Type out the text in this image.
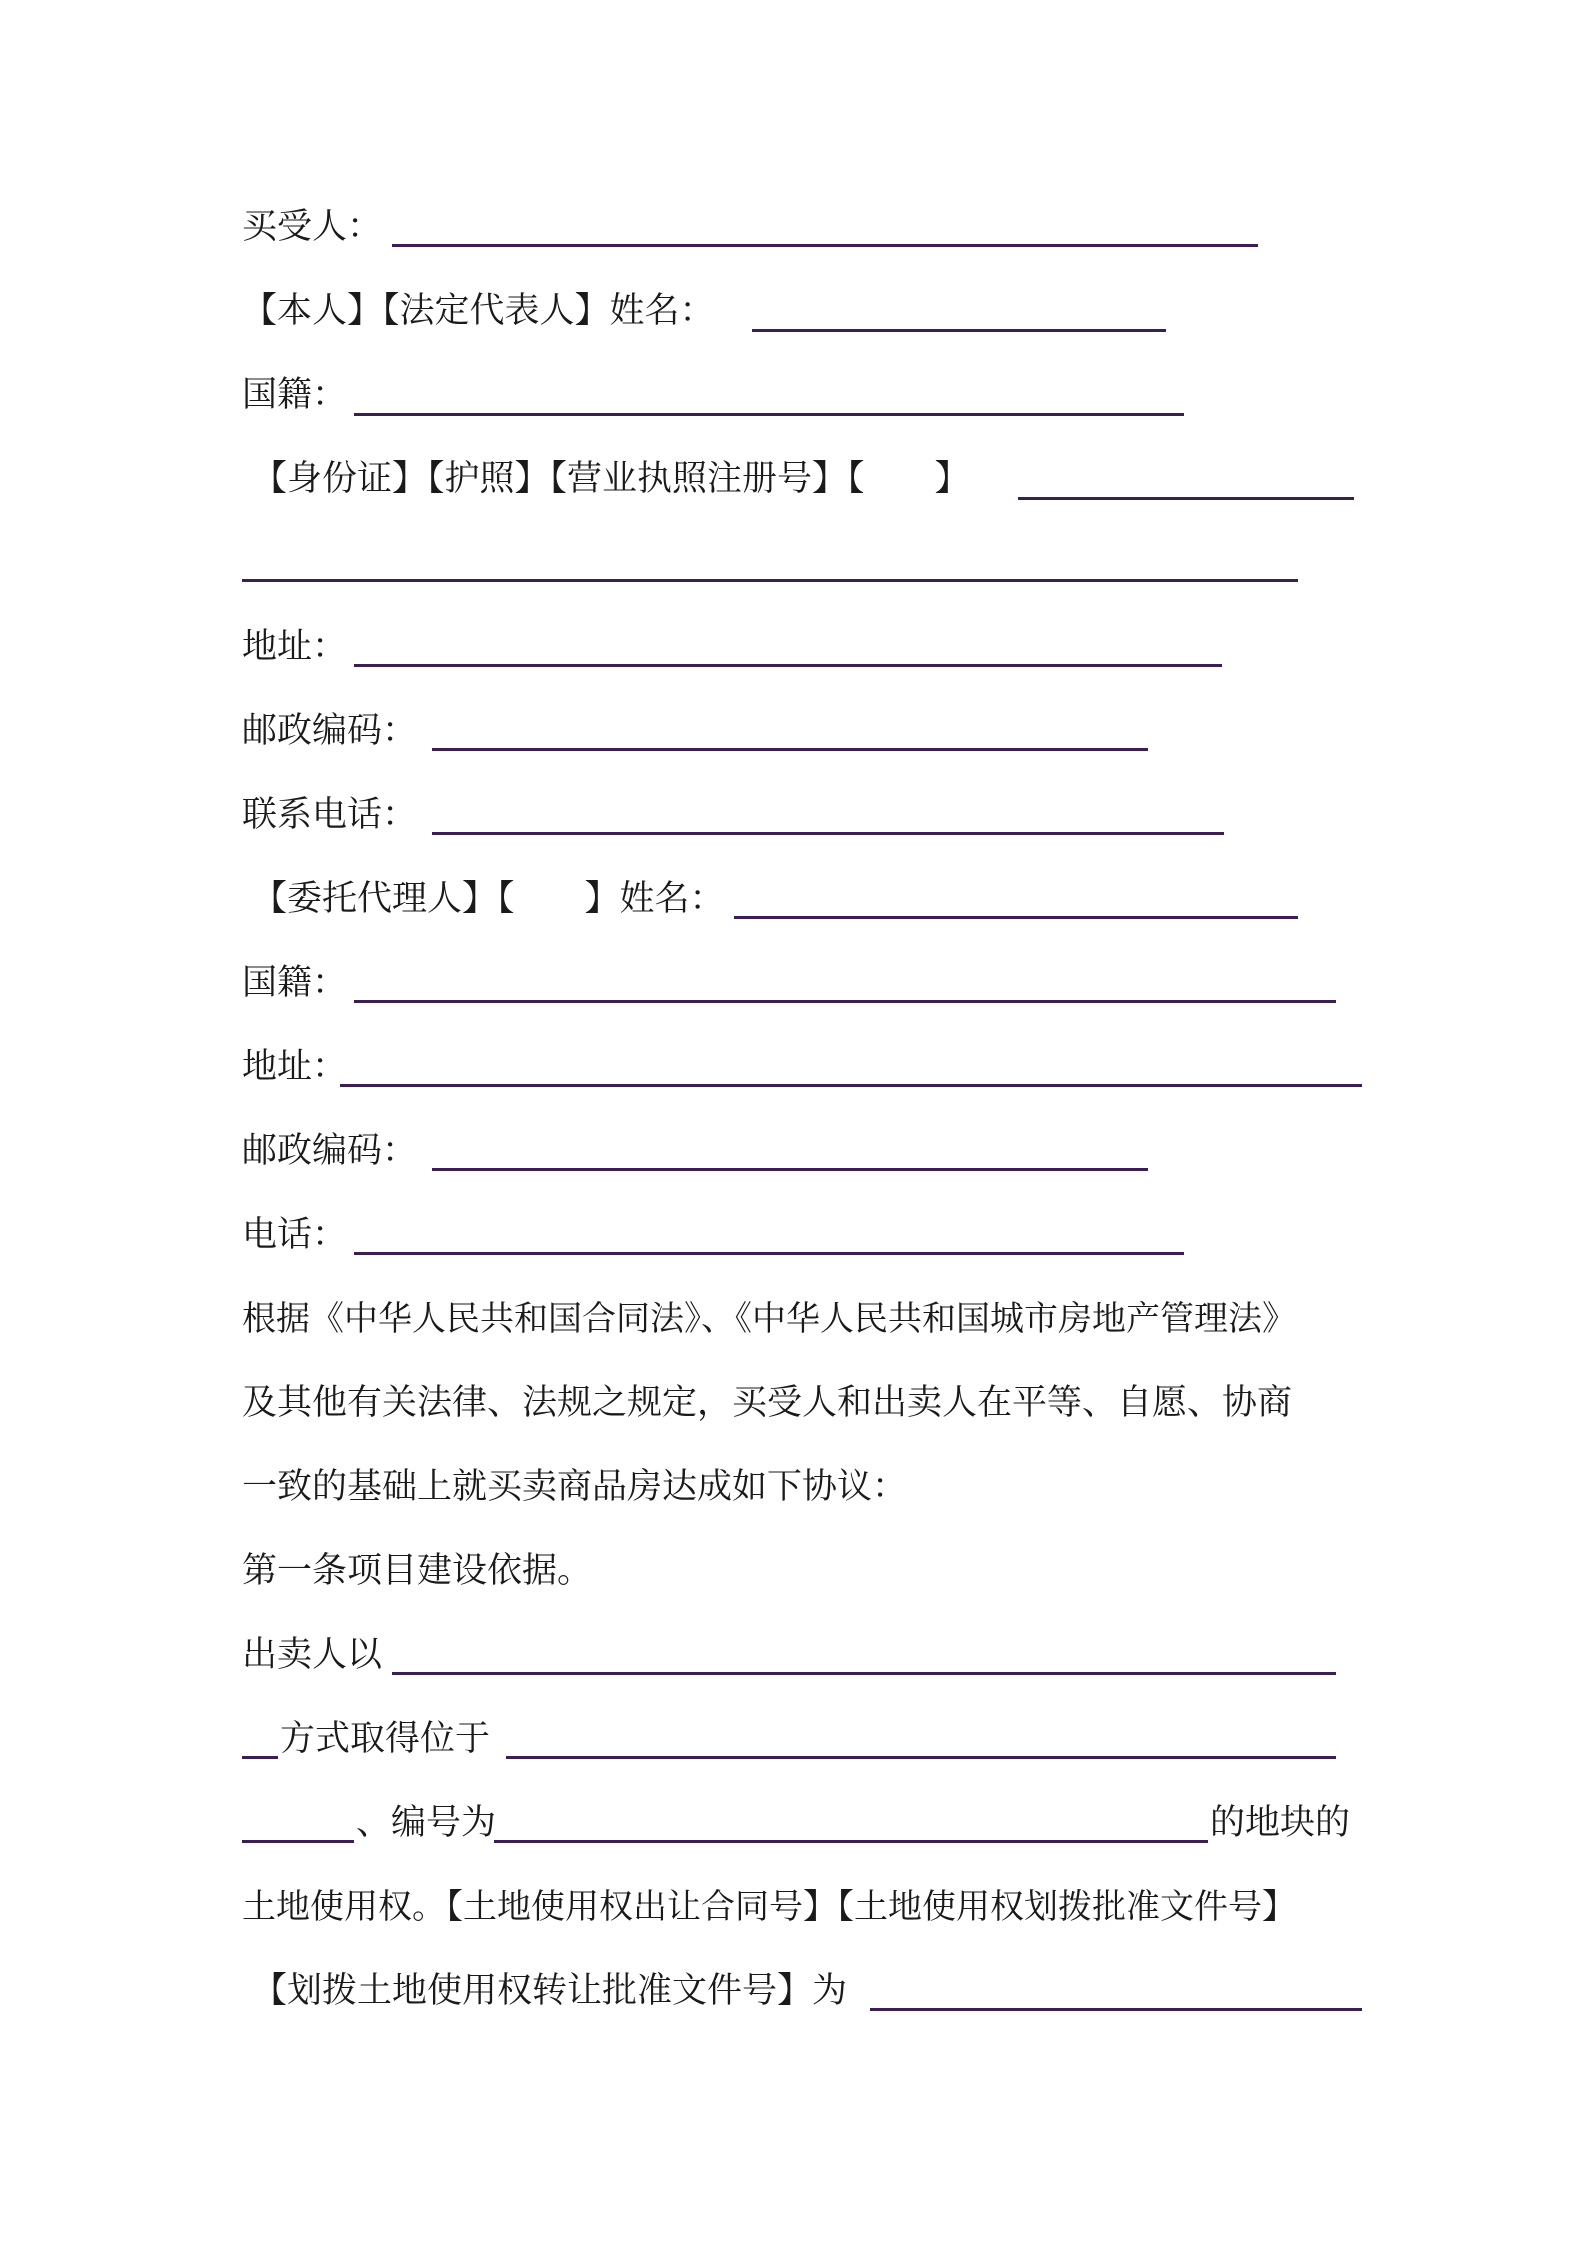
买受人：
【本人】【法定代表人】姓名：
国籍：
【身份证】【护照】【营业执照注册号】【　　】
地址：
邮政编码：
联系电话：
【委托代理人】【　　】姓名：
国籍：
地址：
邮政编码：
电话：
根据《中华人民共和国合同法》、《中华人民共和国城市房地产管理法》
及其他有关法律、法规之规定，买受人和出卖人在平等、自愿、协商
一致的基础上就买卖商品房达成如下协议：
第一条项目建设依据。
出卖人以
方式取得位于
、编号为	的地块的
土地使用权。【土地使用权出让合同号】【土地使用权划拨批准文件号】
【划拨土地使用权转让批准文件号】为
